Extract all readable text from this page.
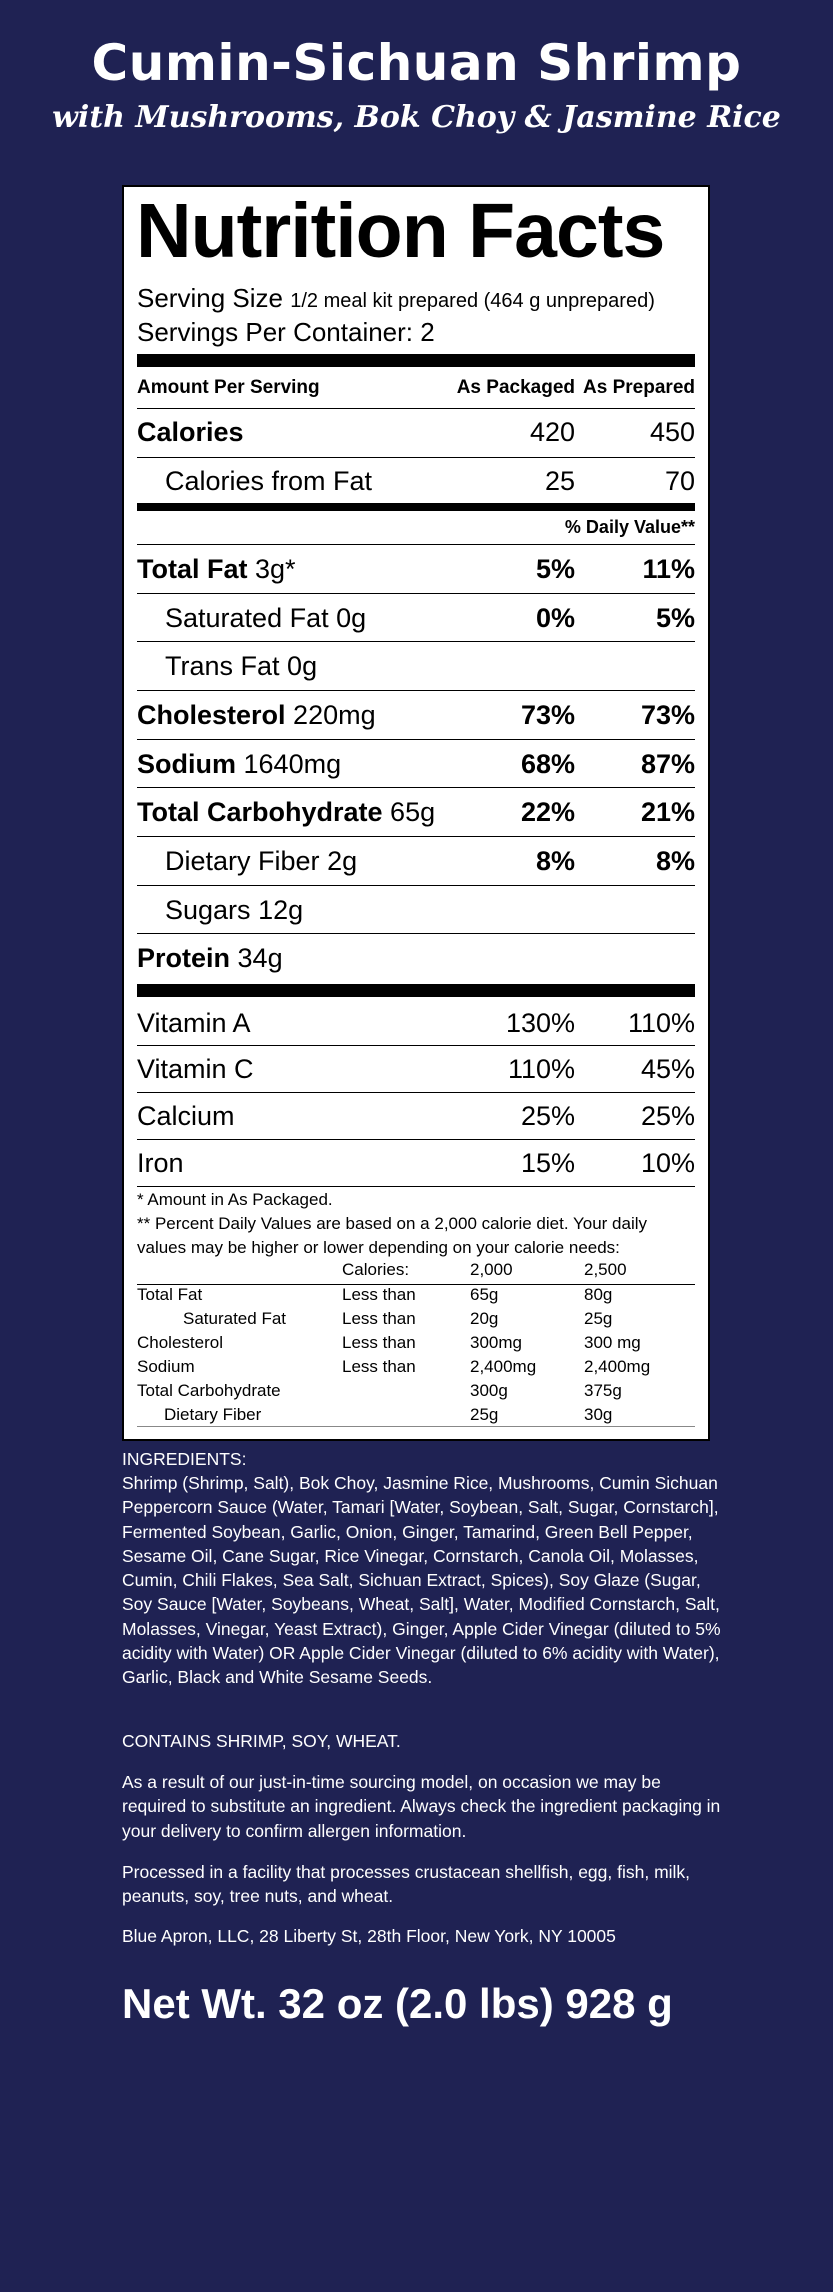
Cumin-Sichuan Shrimp
with Mushrooms, Bok Choy & Jasmine Rice
Nutrition Facts
Serving Size 1/2 meal kit prepared (464 g unprepared)
Servings Per Container: 2
Amount Per Serving	As Packaged As Prepared
Calories	420	450
Calories from Fat	25	70
% Daily Value**
Total Fat 3g*	5% 11%
Saturated Fat 0g	0%	5%
Trans Fat 0g
Cholesterol 220mg	73% 73%
Sodium 1640mg	68% 87%
Total Carbohydrate 65g	22% 21%
Dietary Fiber 2g	8%	8%
Sugars 12g
Protein 34g
Vitamin A	130% 110%
Vitamin C	110% 45%
Calcium	25% 25%
Iron	15% 10%
* Amount in As Packaged.
** Percent Daily Values are based on a 2,000 calorie diet. Your daily values may be higher or lower depending on your calorie needs:
Calories:	2,000	2,500
Total Fat	Less than	65g	80g
Saturated Fat	Less than	20g	25g
Cholesterol	Less than	300mg	300 mg
Sodium	Less than	2,400mg	2,400mg
Total Carbohydrate	300g	375g
Dietary Fiber	25g	30g
INGREDIENTS:
Shrimp (Shrimp, Salt), Bok Choy, Jasmine Rice, Mushrooms, Cumin Sichuan Peppercorn Sauce (Water, Tamari [Water, Soybean, Salt, Sugar, Cornstarch], Fermented Soybean, Garlic, Onion, Ginger, Tamarind, Green Bell Pepper, Sesame Oil, Cane Sugar, Rice Vinegar, Cornstarch, Canola Oil, Molasses, Cumin, Chili Flakes, Sea Salt, Sichuan Extract, Spices), Soy Glaze (Sugar, Soy Sauce [Water, Soybeans, Wheat, Salt], Water, Modified Cornstarch, Salt, Molasses, Vinegar, Yeast Extract), Ginger, Apple Cider Vinegar (diluted to 5% acidity with Water) OR Apple Cider Vinegar (diluted to 6% acidity with Water), Garlic, Black and White Sesame Seeds.
CONTAINS SHRIMP, SOY, WHEAT.
As a result of our just-in-time sourcing model, on occasion we may be required to substitute an ingredient. Always check the ingredient packaging in your delivery to confirm allergen information.
Processed in a facility that processes crustacean shellfish, egg, fish, milk, peanuts, soy, tree nuts, and wheat.
Blue Apron, LLC, 28 Liberty St, 28th Floor, New York, NY 10005
Net Wt. 32 oz (2.0 lbs) 928 g
